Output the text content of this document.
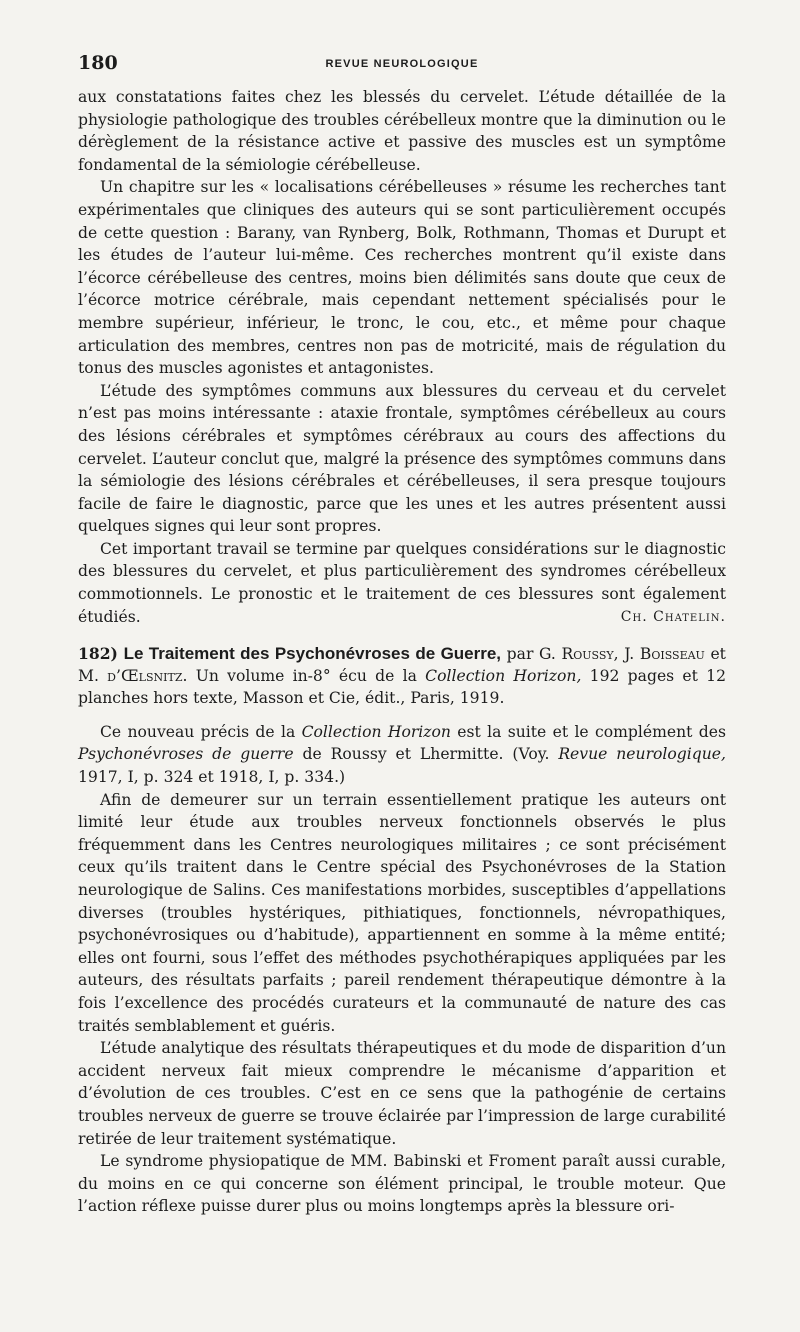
180	REVUE NEUROLOGIQUE

aux constatations faites chez les blessés du cervelet. L’étude détaillée de la physiologie pathologique des troubles cérébelleux montre que la diminution ou le dérèglement de la résistance active et passive des muscles est un symptôme fondamental de la sémiologie cérébelleuse.

Un chapitre sur les « localisations cérébelleuses » résume les recherches tant expérimentales que cliniques des auteurs qui se sont particulièrement occupés de cette question : Barany, van Rynberg, Bolk, Rothmann, Thomas et Durupt et les études de l’auteur lui-même. Ces recherches montrent qu’il existe dans l’écorce cérébelleuse des centres, moins bien délimités sans doute que ceux de l’écorce motrice cérébrale, mais cependant nettement spécialisés pour le membre supérieur, inférieur, le tronc, le cou, etc., et même pour chaque articulation des membres, centres non pas de motricité, mais de régulation du tonus des muscles agonistes et antagonistes.

L’étude des symptômes communs aux blessures du cerveau et du cervelet n’est pas moins intéressante : ataxie frontale, symptômes cérébelleux au cours des lésions cérébrales et symptômes cérébraux au cours des affections du cervelet. L’auteur conclut que, malgré la présence des symptômes communs dans la sémiologie des lésions cérébrales et cérébelleuses, il sera presque toujours facile de faire le diagnostic, parce que les unes et les autres présentent aussi quelques signes qui leur sont propres.

Cet important travail se termine par quelques considérations sur le diagnostic des blessures du cervelet, et plus particulièrement des syndromes cérébelleux commotionnels. Le pronostic et le traitement de ces blessures sont également étudiés.	Ch. Chatelin.
182) Le Traitement des Psychonévroses de Guerre, par G. Roussy, J. Boisseau et M. d’Œlsnitz. Un volume in-8° écu de la Collection Horizon, 192 pages et 12 planches hors texte, Masson et Cie, édit., Paris, 1919.

Ce nouveau précis de la Collection Horizon est la suite et le complément des Psychonévroses de guerre de Roussy et Lhermitte. (Voy. Revue neurologique, 1917, I, p. 324 et 1918, I, p. 334.)

Afin de demeurer sur un terrain essentiellement pratique les auteurs ont limité leur étude aux troubles nerveux fonctionnels observés le plus fréquemment dans les Centres neurologiques militaires ; ce sont précisément ceux qu’ils traitent dans le Centre spécial des Psychonévroses de la Station neurologique de Salins. Ces manifestations morbides, susceptibles d’appellations diverses (troubles hystériques, pithiatiques, fonctionnels, névropathiques, psychonévrosiques ou d’habitude), appartiennent en somme à la même entité; elles ont fourni, sous l’effet des méthodes psychothérapiques appliquées par les auteurs, des résultats parfaits ; pareil rendement thérapeutique démontre à la fois l’excellence des procédés curateurs et la communauté de nature des cas traités semblablement et guéris.

L’étude analytique des résultats thérapeutiques et du mode de disparition d’un accident nerveux fait mieux comprendre le mécanisme d’apparition et d’évolution de ces troubles. C’est en ce sens que la pathogénie de certains troubles nerveux de guerre se trouve éclairée par l’impression de large curabilité retirée de leur traitement systématique.

Le syndrome physiopatique de MM. Babinski et Froment paraît aussi curable, du moins en ce qui concerne son élément principal, le trouble moteur. Que l’action réflexe puisse durer plus ou moins longtemps après la blessure ori-
